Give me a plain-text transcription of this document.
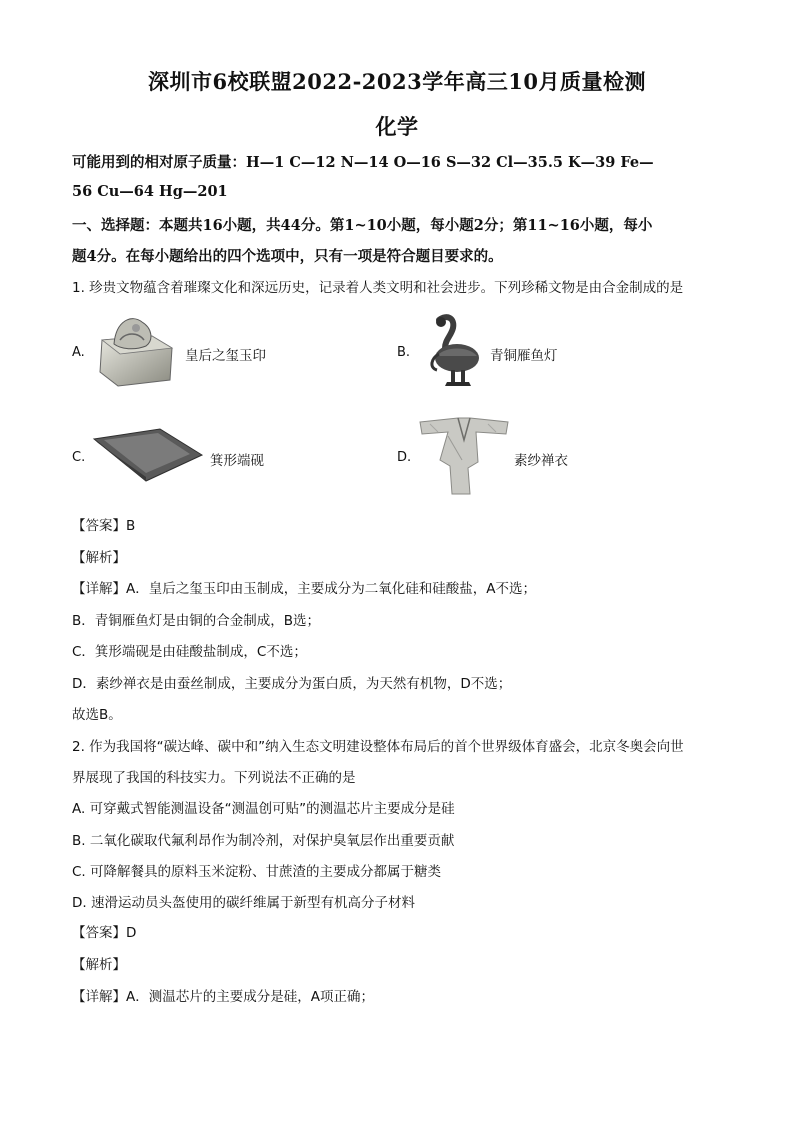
深圳市6校联盟2022-2023学年高三10月质量检测
化学
可能用到的相对原子质量：H—1 C—12 N—14 O—16 S—32 Cl—35.5 K—39 Fe—
56 Cu—64 Hg—201
一、选择题：本题共16小题，共44分。第1~10小题，每小题2分；第11~16小题，每小
题4分。在每小题给出的四个选项中，只有一项是符合题目要求的。
1. 珍贵文物蕴含着璀璨文化和深远历史，记录着人类文明和社会进步。下列珍稀文物是由合金制成的是
A.	皇后之玺玉印	B.	青铜雁鱼灯
C.	箕形端砚	D.	素纱禅衣
【答案】B
【解析】
【详解】A．皇后之玺玉印由玉制成，主要成分为二氧化硅和硅酸盐，A不选；
B．青铜雁鱼灯是由铜的合金制成，B选；
C．箕形端砚是由硅酸盐制成，C不选；
D．素纱禅衣是由蚕丝制成，主要成分为蛋白质，为天然有机物，D不选；
故选B。
2. 作为我国将“碳达峰、碳中和”纳入生态文明建设整体布局后的首个世界级体育盛会，北京冬奥会向世
界展现了我国的科技实力。下列说法不正确的是
A. 可穿戴式智能测温设备“测温创可贴”的测温芯片主要成分是硅
B. 二氧化碳取代氟利昂作为制冷剂，对保护臭氧层作出重要贡献
C. 可降解餐具的原料玉米淀粉、甘蔗渣的主要成分都属于糖类
D. 速滑运动员头盔使用的碳纤维属于新型有机高分子材料
【答案】D
【解析】
【详解】A．测温芯片的主要成分是硅，A项正确；
